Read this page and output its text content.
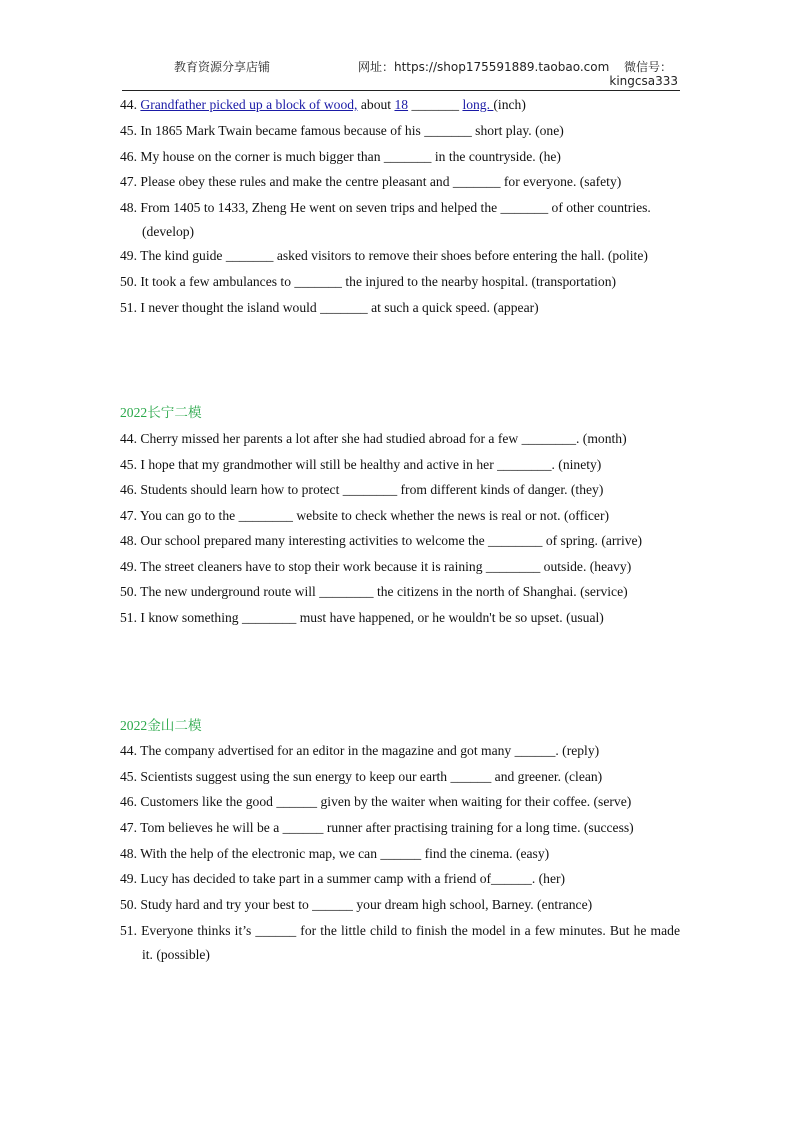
教育资源分享店铺	网址：https://shop175591889.taobao.com 微信号：
kingcsa333
44. Grandfather picked up a block of wood, about 18 _______ long. (inch)
45. In 1865 Mark Twain became famous because of his _______ short play. (one)
46. My house on the corner is much bigger than _______ in the countryside. (he)
47. Please obey these rules and make the centre pleasant and _______ for everyone. (safety)
48. From 1405 to 1433, Zheng He went on seven trips and helped the _______ of other countries. (develop)
49. The kind guide _______ asked visitors to remove their shoes before entering the hall. (polite)
50. It took a few ambulances to _______ the injured to the nearby hospital. (transportation)
51. I never thought the island would _______ at such a quick speed. (appear)
2022长宁二模
44. Cherry missed her parents a lot after she had studied abroad for a few ________. (month)
45. I hope that my grandmother will still be healthy and active in her ________. (ninety)
46. Students should learn how to protect ________ from different kinds of danger. (they)
47. You can go to the ________ website to check whether the news is real or not. (officer)
48. Our school prepared many interesting activities to welcome the ________ of spring. (arrive)
49. The street cleaners have to stop their work because it is raining ________ outside. (heavy)
50. The new underground route will ________ the citizens in the north of Shanghai. (service)
51. I know something ________ must have happened, or he wouldn't be so upset. (usual)
2022金山二模
44. The company advertised for an editor in the magazine and got many ______. (reply)
45. Scientists suggest using the sun energy to keep our earth ______ and greener. (clean)
46. Customers like the good ______ given by the waiter when waiting for their coffee. (serve)
47. Tom believes he will be a ______ runner after practising training for a long time. (success)
48. With the help of the electronic map, we can ______ find the cinema. (easy)
49. Lucy has decided to take part in a summer camp with a friend of______. (her)
50. Study hard and try your best to ______ your dream high school, Barney. (entrance)
51. Everyone thinks it’s ______ for the little child to finish the model in a few minutes. But he made it. (possible)
